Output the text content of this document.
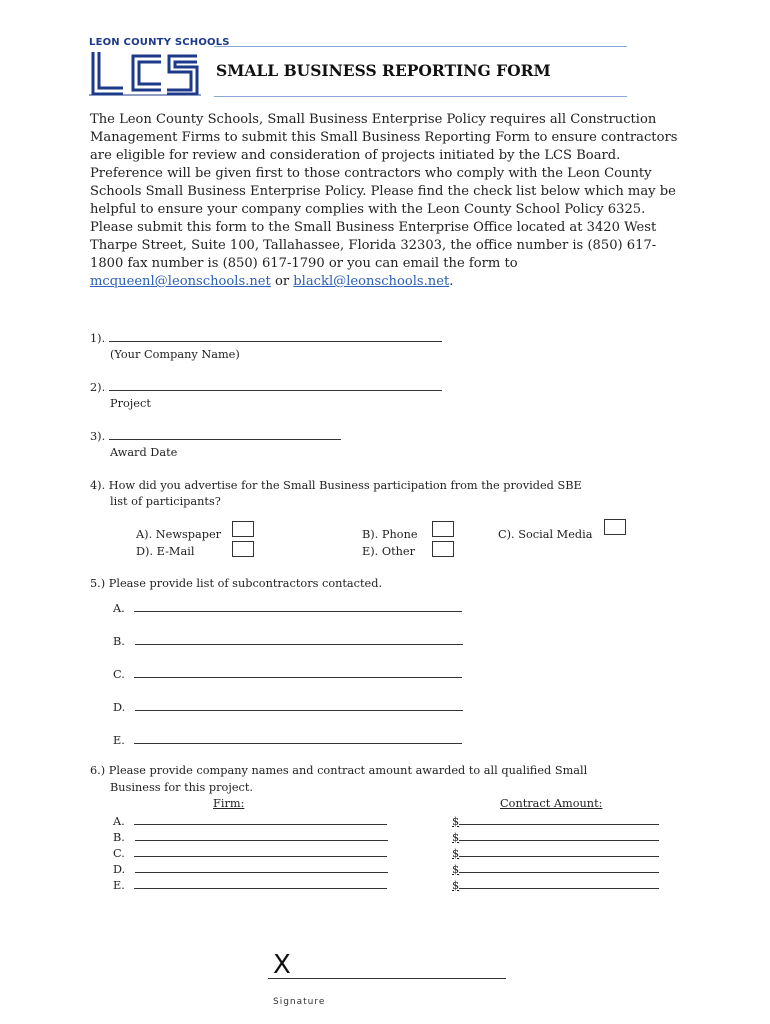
LEON COUNTY SCHOOLS
SMALL BUSINESS REPORTING FORM
The Leon County Schools, Small Business Enterprise Policy requires all Construction Management Firms to submit this Small Business Reporting Form to ensure contractors are eligible for review and consideration of projects initiated by the LCS Board. Preference will be given first to those contractors who comply with the Leon County Schools Small Business Enterprise Policy. Please find the check list below which may be helpful to ensure your company complies with the Leon County School Policy 6325. Please submit this form to the Small Business Enterprise Office located at 3420 West Tharpe Street, Suite 100, Tallahassee, Florida 32303, the office number is (850) 617-1800 fax number is (850) 617-1790 or you can email the form to mcqueenl@leonschools.net or blackl@leonschools.net.
1).
(Your Company Name)
2).
Project
3).
Award Date
4). How did you advertise for the Small Business participation from the provided SBE
list of participants?
A). Newspaper
D). E-Mail
B). Phone
E). Other
C). Social Media
5.) Please provide list of subcontractors contacted.
A.
B.
C.
D.
E.
6.) Please provide company names and contract amount awarded to all qualified Small
Business for this project.
Firm:	Contract Amount:
A.
B.
C.
D.
E.
$
$
$
$
$
X
Signature
